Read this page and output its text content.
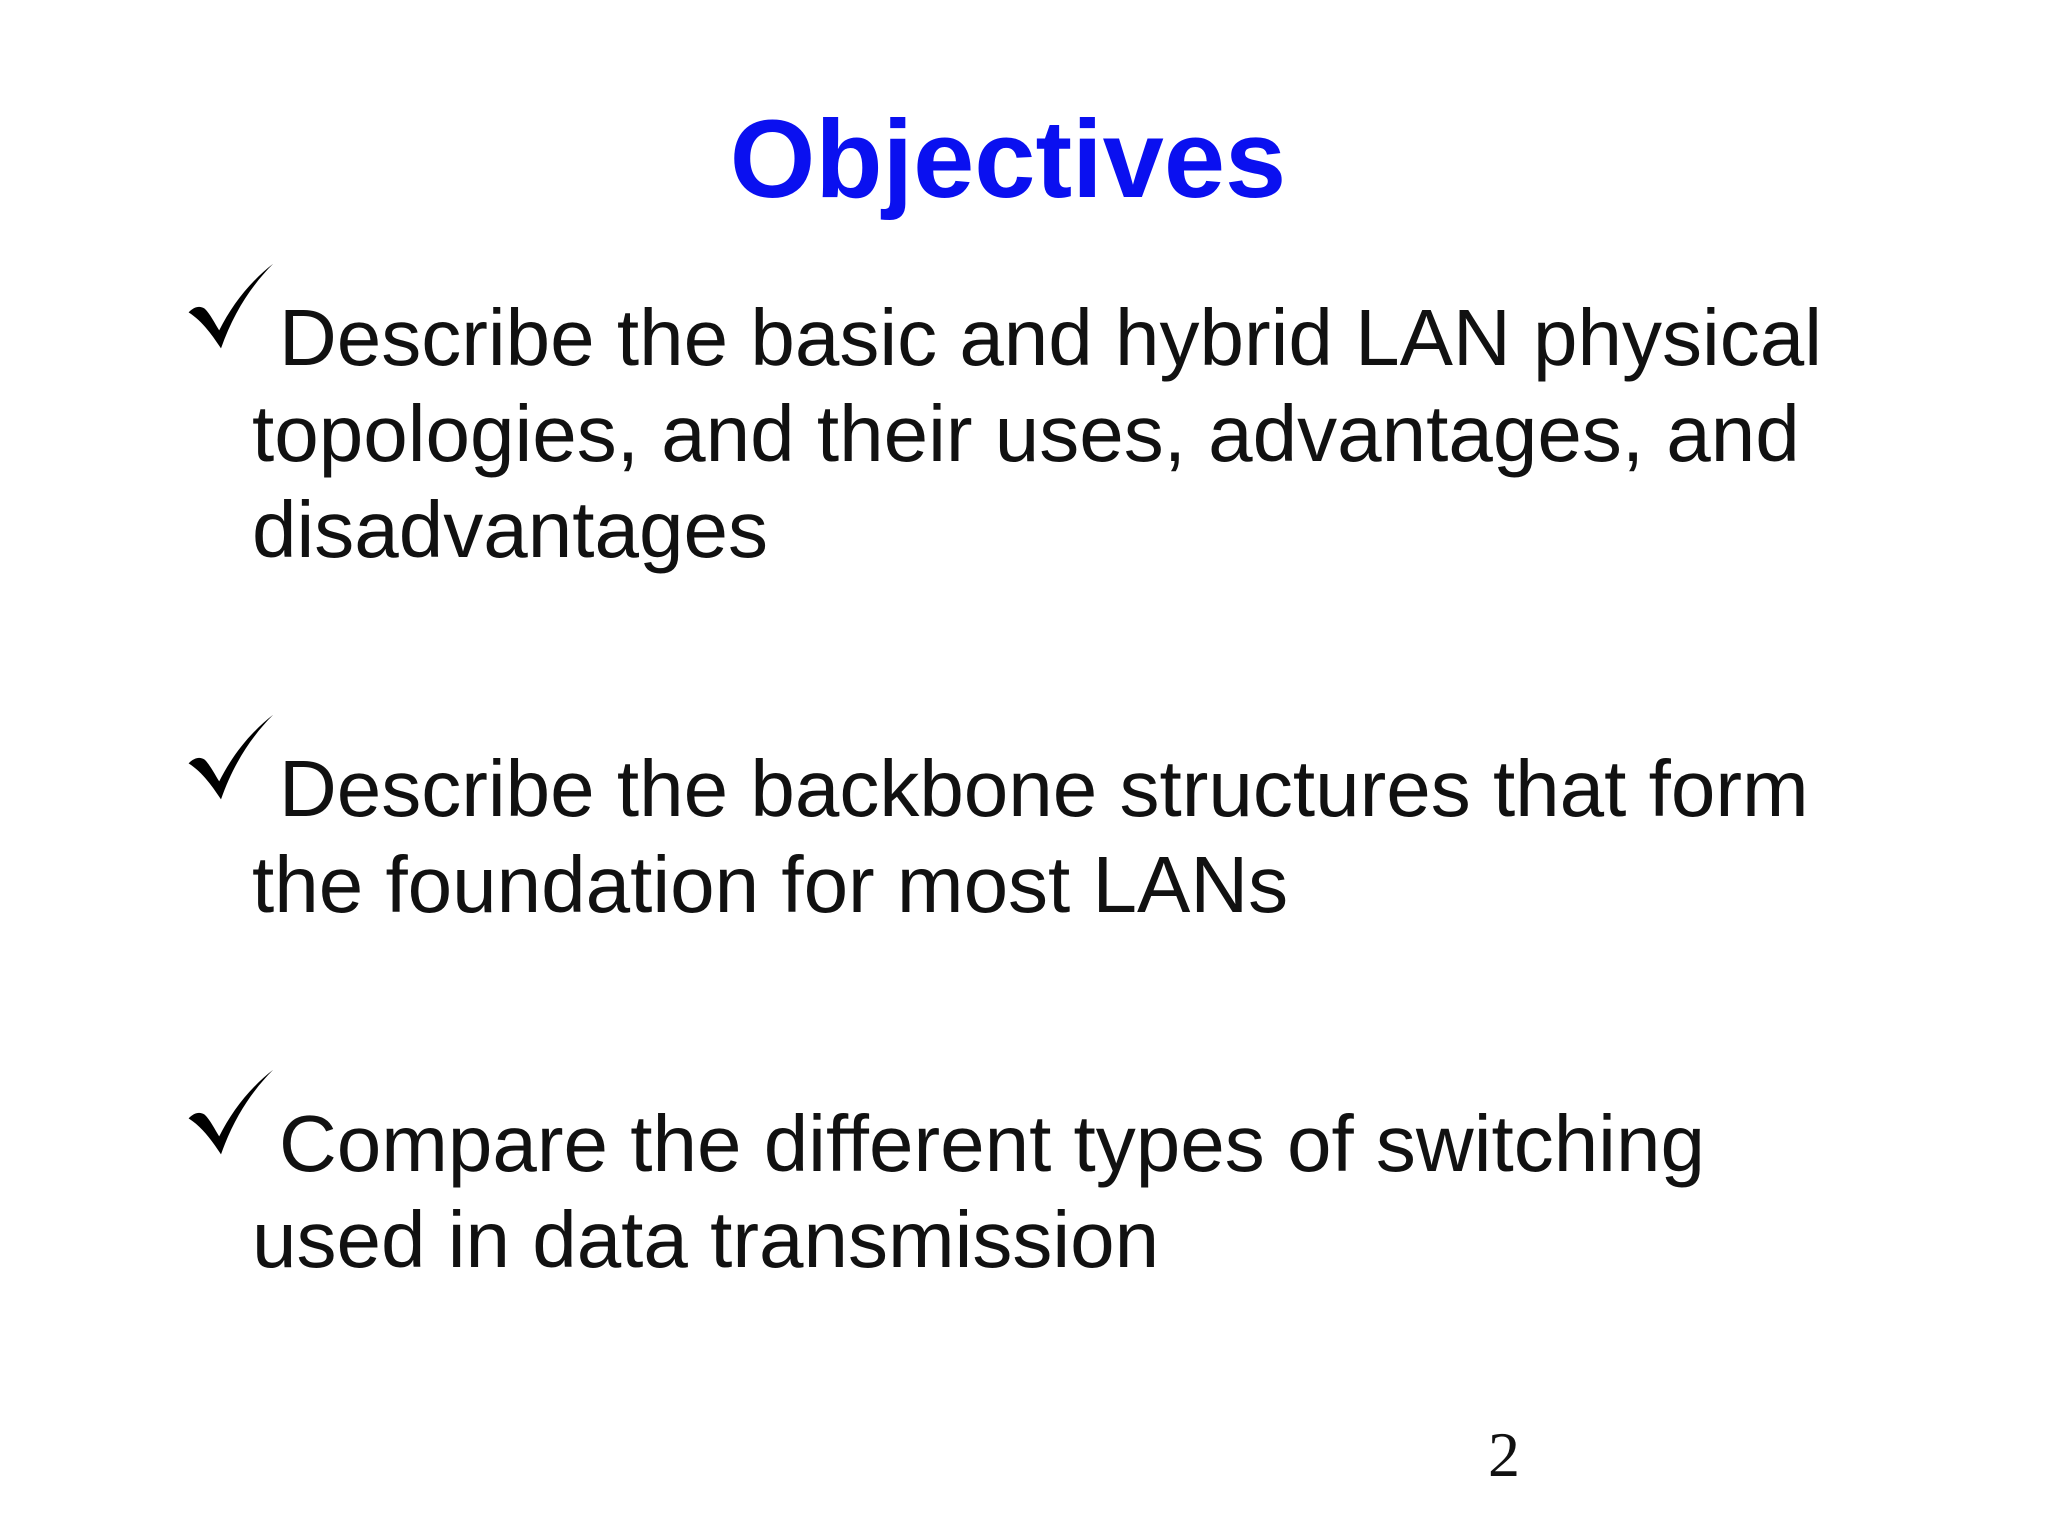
Objectives
Describe the basic and hybrid LAN physical
topologies, and their uses, advantages, and
disadvantages
Describe the backbone structures that form
the foundation for most LANs
Compare the different types of switching
used in data transmission
2
